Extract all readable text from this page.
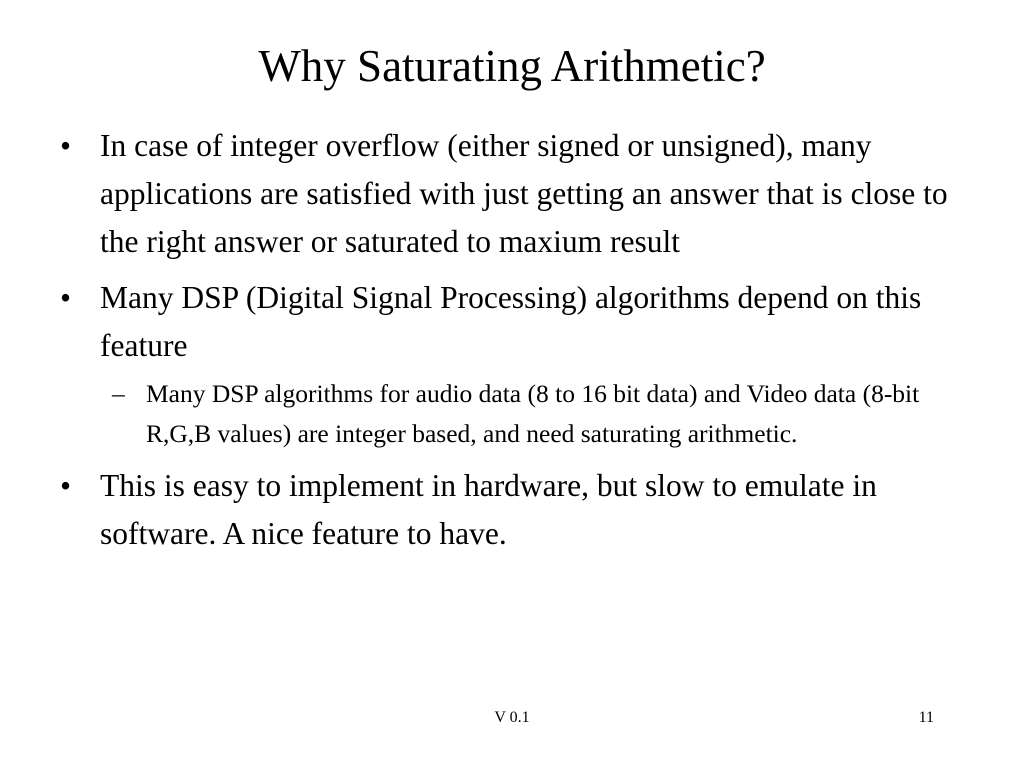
Why Saturating Arithmetic?
• In case of integer overflow (either signed or unsigned), many applications are satisfied with just getting an answer that is close to the right answer or saturated to maxium result
• Many DSP (Digital Signal Processing) algorithms depend on this feature
– Many DSP algorithms for audio data (8 to 16 bit data) and Video data (8-bit R,G,B values) are integer based, and need saturating arithmetic.
• This is easy to implement in hardware, but slow to emulate in software. A nice feature to have.
V 0.1	11
